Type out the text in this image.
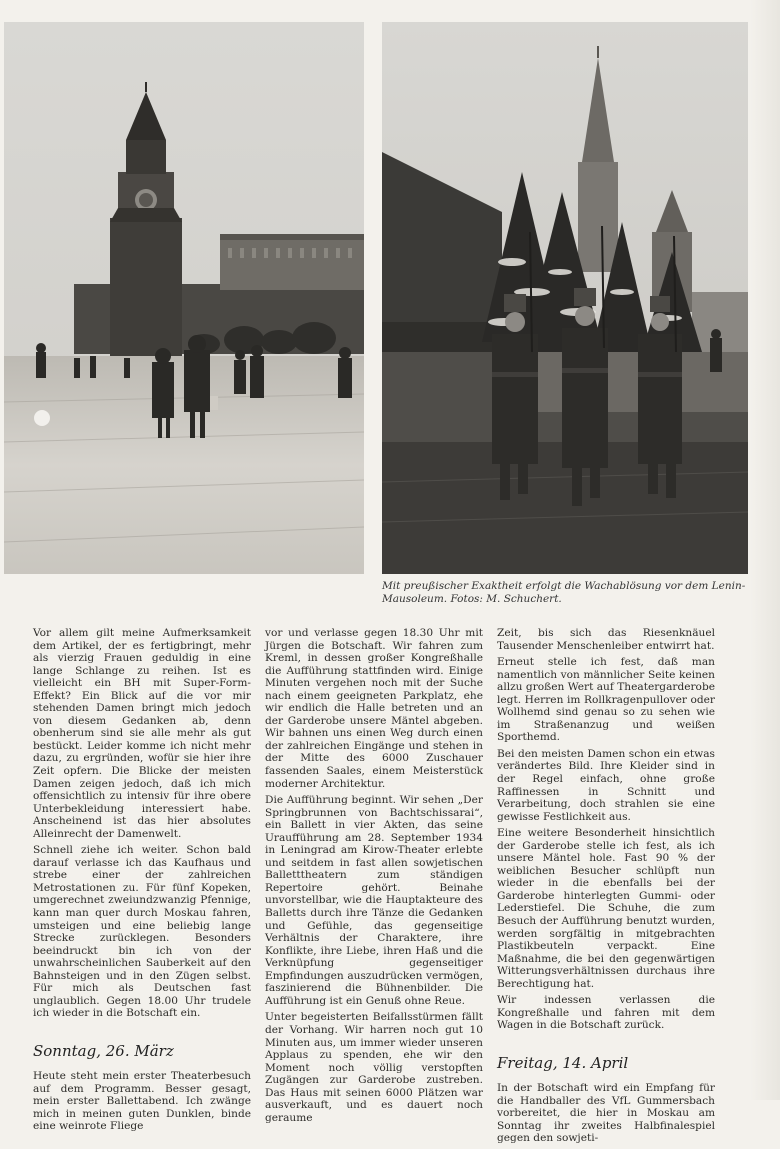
Mit preußischer Exaktheit erfolgt die Wachablösung vor dem Lenin-Mausoleum. Fotos: M. Schuchert.

Vor allem gilt meine Aufmerksamkeit dem Artikel, der es fertigbringt, mehr als vierzig Frauen geduldig in eine lange Schlange zu reihen. Ist es vielleicht ein BH mit Super-Form-Effekt? Ein Blick auf die vor mir stehenden Damen bringt mich jedoch von diesem Gedanken ab, denn obenherum sind sie alle mehr als gut bestückt. Leider komme ich nicht mehr dazu, zu ergründen, wofür sie hier ihre Zeit opfern. Die Blicke der meisten Damen zeigen jedoch, daß ich mich offensichtlich zu intensiv für ihre obere Unterbekleidung interessiert habe. Anscheinend ist das hier absolutes Alleinrecht der Damenwelt.

Schnell ziehe ich weiter. Schon bald darauf verlasse ich das Kaufhaus und strebe einer der zahlreichen Metrostationen zu. Für fünf Kopeken, umgerechnet zweiundzwanzig Pfennige, kann man quer durch Moskau fahren, umsteigen und eine beliebig lange Strecke zurücklegen. Besonders beeindruckt bin ich von der unwahrscheinlichen Sauberkeit auf den Bahnsteigen und in den Zügen selbst. Für mich als Deutschen fast unglaublich. Gegen 18.00 Uhr trudele ich wieder in die Botschaft ein.

Sonntag, 26. März

Heute steht mein erster Theaterbesuch auf dem Programm. Besser gesagt, mein erster Ballettabend. Ich zwänge mich in meinen guten Dunklen, binde eine weinrote Fliege

vor und verlasse gegen 18.30 Uhr mit Jürgen die Botschaft. Wir fahren zum Kreml, in dessen großer Kongreßhalle die Aufführung stattfinden wird. Einige Minuten vergehen noch mit der Suche nach einem geeigneten Parkplatz, ehe wir endlich die Halle betreten und an der Garderobe unsere Mäntel abgeben. Wir bahnen uns einen Weg durch einen der zahlreichen Eingänge und stehen in der Mitte des 6000 Zuschauer fassenden Saales, einem Meisterstück moderner Architektur.

Die Aufführung beginnt. Wir sehen „Der Springbrunnen von Bachtschissarai“, ein Ballett in vier Akten, das seine Uraufführung am 28. September 1934 in Leningrad am Kirow-Theater erlebte und seitdem in fast allen sowjetischen Balletttheatern zum ständigen Repertoire gehört. Beinahe unvorstellbar, wie die Hauptakteure des Balletts durch ihre Tänze die Gedanken und Gefühle, das gegenseitige Verhältnis der Charaktere, ihre Konflikte, ihre Liebe, ihren Haß und die Verknüpfung gegenseitiger Empfindungen auszudrücken vermögen, faszinierend die Bühnenbilder. Die Aufführung ist ein Genuß ohne Reue.

Unter begeisterten Beifallsstürmen fällt der Vorhang. Wir harren noch gut 10 Minuten aus, um immer wieder unseren Applaus zu spenden, ehe wir den Moment noch völlig verstopften Zugängen zur Garderobe zustreben. Das Haus mit seinen 6000 Plätzen war ausverkauft, und es dauert noch geraume

Zeit, bis sich das Riesenknäuel Tausender Menschenleiber entwirrt hat.

Erneut stelle ich fest, daß man namentlich von männlicher Seite keinen allzu großen Wert auf Theatergarderobe legt. Herren im Rollkragenpullover oder Wollhemd sind genau so zu sehen wie im Straßenanzug und weißen Sporthemd.

Bei den meisten Damen schon ein etwas verändertes Bild. Ihre Kleider sind in der Regel einfach, ohne große Raffinessen in Schnitt und Verarbeitung, doch strahlen sie eine gewisse Festlichkeit aus.

Eine weitere Besonderheit hinsichtlich der Garderobe stelle ich fest, als ich unsere Mäntel hole. Fast 90 % der weiblichen Besucher schlüpft nun wieder in die ebenfalls bei der Garderobe hinterlegten Gummi- oder Lederstiefel. Die Schuhe, die zum Besuch der Aufführung benutzt wurden, werden sorgfältig in mitgebrachten Plastikbeuteln verpackt. Eine Maßnahme, die bei den gegenwärtigen Witterungsverhältnissen durchaus ihre Berechtigung hat.

Wir indessen verlassen die Kongreßhalle und fahren mit dem Wagen in die Botschaft zurück.

Freitag, 14. April

In der Botschaft wird ein Empfang für die Handballer des VfL Gummersbach vorbereitet, die hier in Moskau am Sonntag ihr zweites Halbfinalespiel gegen den sowjeti-
